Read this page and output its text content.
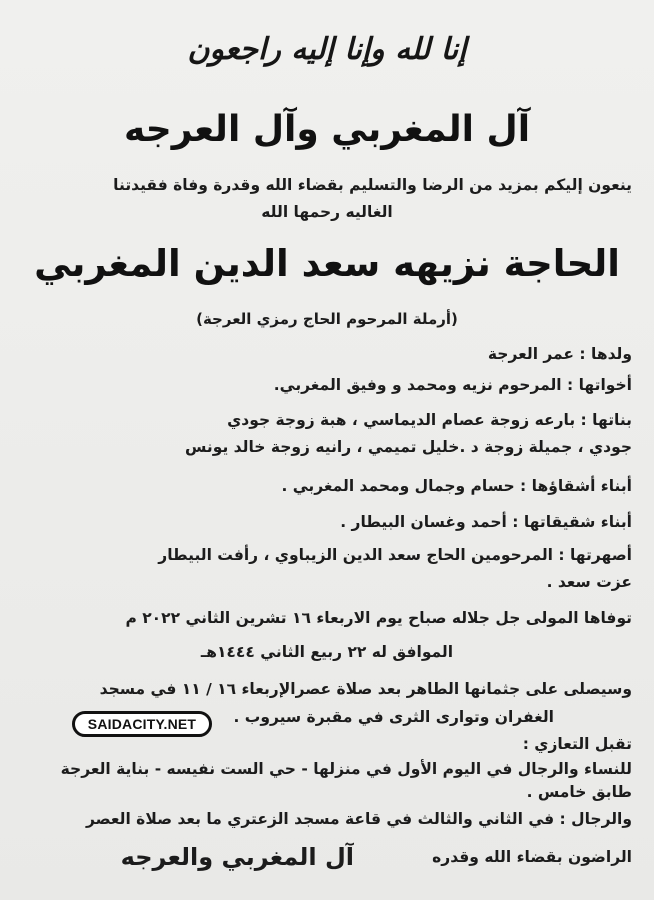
إنا لله وإنا إليه راجعون
آل المغربي وآل العرجه
ينعون إليكم بمزيد من الرضا والتسليم بقضاء الله وقدرة وفاة فقيدتنا
الغاليه رحمها الله
الحاجة نزيهه سعد الدين المغربي
(أرملة المرحوم الحاج رمزي العرجة)
ولدها : عمر العرجة
أخواتها : المرحوم نزيه ومحمد و وفيق المغربي.
بناتها : بارعه زوجة عصام الديماسي ، هبة زوجة جودي
جودي ، جميلة زوجة د .خليل تميمي ، رانيه زوجة خالد يونس
أبناء أشقاؤها : حسام وجمال ومحمد المغربي .
أبناء شقيقاتها : أحمد وغسان البيطار .
أصهرتها : المرحومين الحاج سعد الدين الزيباوي ، رأفت البيطار
عزت سعد .
توفاها المولى جل جلاله صباح يوم الاربعاء ١٦ تشرين الثاني ٢٠٢٢ م
الموافق له ٢٢ ربيع الثاني ١٤٤٤هـ
وسيصلى على جثمانها الطاهر بعد صلاة عصرالإربعاء ١٦ / ١١ في مسجد
الغفران وتوارى الثرى في مقبرة سيروب .
تقبل التعازي :
للنساء والرجال في اليوم الأول في منزلها - حي الست نفيسه - بناية العرجة
طابق خامس .
والرجال : في الثاني والثالث في قاعة مسجد الزعتري ما بعد صلاة العصر
الراضون بقضاء الله وقدره
آل المغربي والعرجه
SAIDACITY.NET
